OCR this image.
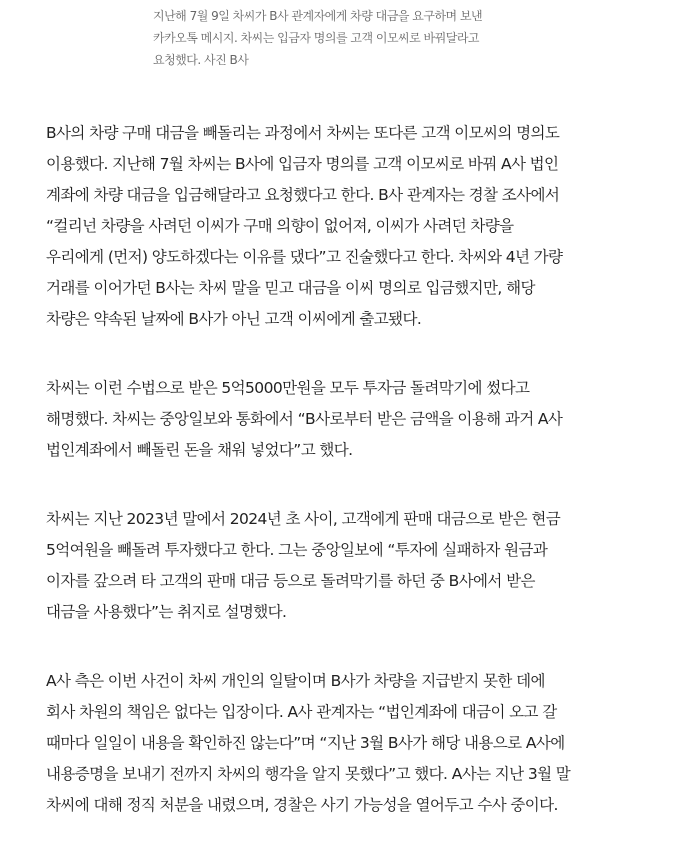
지난해 7월 9일 차씨가 B사 관계자에게 차량 대금을 요구하며 보낸
카카오톡 메시지. 차씨는 입금자 명의를 고객 이모씨로 바꿔달라고
요청했다. 사진 B사

B사의 차량 구매 대금을 빼돌리는 과정에서 차씨는 또다른 고객 이모씨의 명의도
이용했다. 지난해 7월 차씨는 B사에 입금자 명의를 고객 이모씨로 바꿔 A사 법인
계좌에 차량 대금을 입금해달라고 요청했다고 한다. B사 관계자는 경찰 조사에서
“컬리넌 차량을 사려던 이씨가 구매 의향이 없어져, 이씨가 사려던 차량을
우리에게 (먼저) 양도하겠다는 이유를 댔다”고 진술했다고 한다. 차씨와 4년 가량
거래를 이어가던 B사는 차씨 말을 믿고 대금을 이씨 명의로 입금했지만, 해당
차량은 약속된 날짜에 B사가 아닌 고객 이씨에게 출고됐다.

차씨는 이런 수법으로 받은 5억5000만원을 모두 투자금 돌려막기에 썼다고
해명했다. 차씨는 중앙일보와 통화에서 “B사로부터 받은 금액을 이용해 과거 A사
법인계좌에서 빼돌린 돈을 채워 넣었다”고 했다.

차씨는 지난 2023년 말에서 2024년 초 사이, 고객에게 판매 대금으로 받은 현금
5억여원을 빼돌려 투자했다고 한다. 그는 중앙일보에 “투자에 실패하자 원금과
이자를 갚으려 타 고객의 판매 대금 등으로 돌려막기를 하던 중 B사에서 받은
대금을 사용했다”는 취지로 설명했다.

A사 측은 이번 사건이 차씨 개인의 일탈이며 B사가 차량을 지급받지 못한 데에
회사 차원의 책임은 없다는 입장이다. A사 관계자는 “법인계좌에 대금이 오고 갈
때마다 일일이 내용을 확인하진 않는다”며 “지난 3월 B사가 해당 내용으로 A사에
내용증명을 보내기 전까지 차씨의 행각을 알지 못했다”고 했다. A사는 지난 3월 말
차씨에 대해 정직 처분을 내렸으며, 경찰은 사기 가능성을 열어두고 수사 중이다.
